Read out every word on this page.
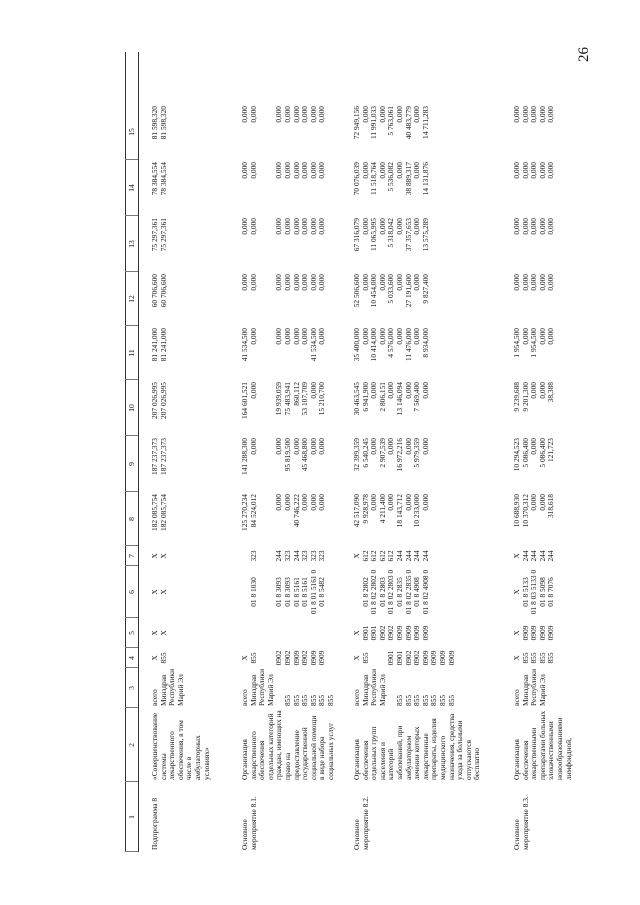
26
1
2
3
4
5
6
7
8
9
10
11
12
13
14
15
Подпрограмма 8
«Совершенствование
системы
лекарственного
обеспечения, в том
числе в
амбулаторных
условиях»
всего
Минздрав
Республики
Марий Эл
Х
855
Х
Х
Х
Х
Х
Х
182 085,754
182 085,754
187 237,373
187 237,373
207 026,995
207 026,995
81 241,000
81 241,000
60 706,600
60 706,600
75 297,361
75 297,361
78 384,554
78 384,554
81 598,320
81 598,320
Основное
мероприятие 8.1.
Организация
лекарственного
обеспечения
отдельных категорий
граждан, имеющих на
право на
предоставление
государственной
социальной помощи
в виде набора
социальных услуг
всего
Минздрав
Республики
Марий Эл

855
855
855
855
855
855
Х
855

0902
0902
0909
0902
0909
0909

01 8 1030

01 8 3093
01 8 3093
01 8 5161
01 8 5161
01 8 01 5161 0
01 8 5482

323

244
323
244
323
323
323
125 270,234
84 524,012

0,000
0,000
40 746,222
0,000
0,000
0,000
141 288,300
0,000

0,000
95 819,500
0,000
45 468,800
0,000
0,000
164 601,521
0,000

19 939,059
75 483,941
860,112
53 107,709
0,000
15 210,700
41 534,500
0,000

0,000
0,000
0,000
0,000
41 534,500
0,000
0,000
0,000

0,000
0,000
0,000
0,000
0,000
0,000
0,000
0,000

0,000
0,000
0,000
0,000
0,000
0,000
0,000
0,000

0,000
0,000
0,000
0,000
0,000
0,000
0,000
0,000

0,000
0,000
0,000
0,000
0,000
0,000
Основное
мероприятие 8.2.
Организация
обеспечения
отдельных групп
населения и
категорий
заболеваний, при
амбулаторном
лечении которых
лекарственные
препараты, изделия
медицинского
назначения, средства
ухода за больными
отпускаются
бесплатно
всего
Минздрав
Республики
Марий Эл

855
855
855
855
855
855
855
Х
855

0901
0901
0902
0902
0909
0909
0909
0909
Х
0901
0901
0902
0902
0909
0909
0909
0909

01 8 2802
01 8 02 2802 0
01 8 2803
01 8 02 2803 0
01 8 2835
01 8 02 2835 0
01 8 4908
01 8 02 4908 0
Х
612
612
612
612
244
244
244
244
42 517,090
9 928,978
0,000
4 211,400
0,000
18 143,712
0,000
10 233,000
0,000
32 399,359
6 540,245
0,000
2 907,539
0,000
16 972,216
0,000
5 979,359
0,000
30 463,545
6 941,900
0,000
2 806,151
0,000
13 146,094
0,000
7 569,400
0,000
35 400,000
0,000
10 414,000
0,000
4 576,000
0,000
11 476,000
0,000
8 934,000
52 506,600
0,000
10 454,000
0,000
5 033,600
0,000
27 191,600
0,000
9 827,400
67 316,079
0,000
11 065,995
0,000
5 318,042
0,000
37 357,653
0,000
13 575,289
70 076,039
0,000
11 518,764
0,000
5 536,082
0,000
38 889,317
0,000
14 131,876
72 949,156
0,000
11 991,033
0,000
5 763,061
0,000
40 483,779
0,000
14 711,283
Основное
мероприятие 8.3.
Организация
обеспечения
лекарственными
препаратами больных
злокачественными
новообразованиями
лимфоидной,
всего
Минздрав
Республики
Марий Эл
Х
855
855
855
855
Х
0909
0909
0909
0909
Х
01 8 5133
01 8 03 5133 0
01 8 5098
01 8 7076
Х
244
244
244
244
10 688,930
10 370,312
0,000
0,000
318,618
10 294,523
5 086,400
0,000
5 086,400
121,723
9 239,688
9 201,300
0,000
0,000
38,388
1 954,500
0,000
1 954,500
0,000
0,000
0,000
0,000
0,000
0,000
0,000
0,000
0,000
0,000
0,000
0,000
0,000
0,000
0,000
0,000
0,000
0,000
0,000
0,000
0,000
0,000
